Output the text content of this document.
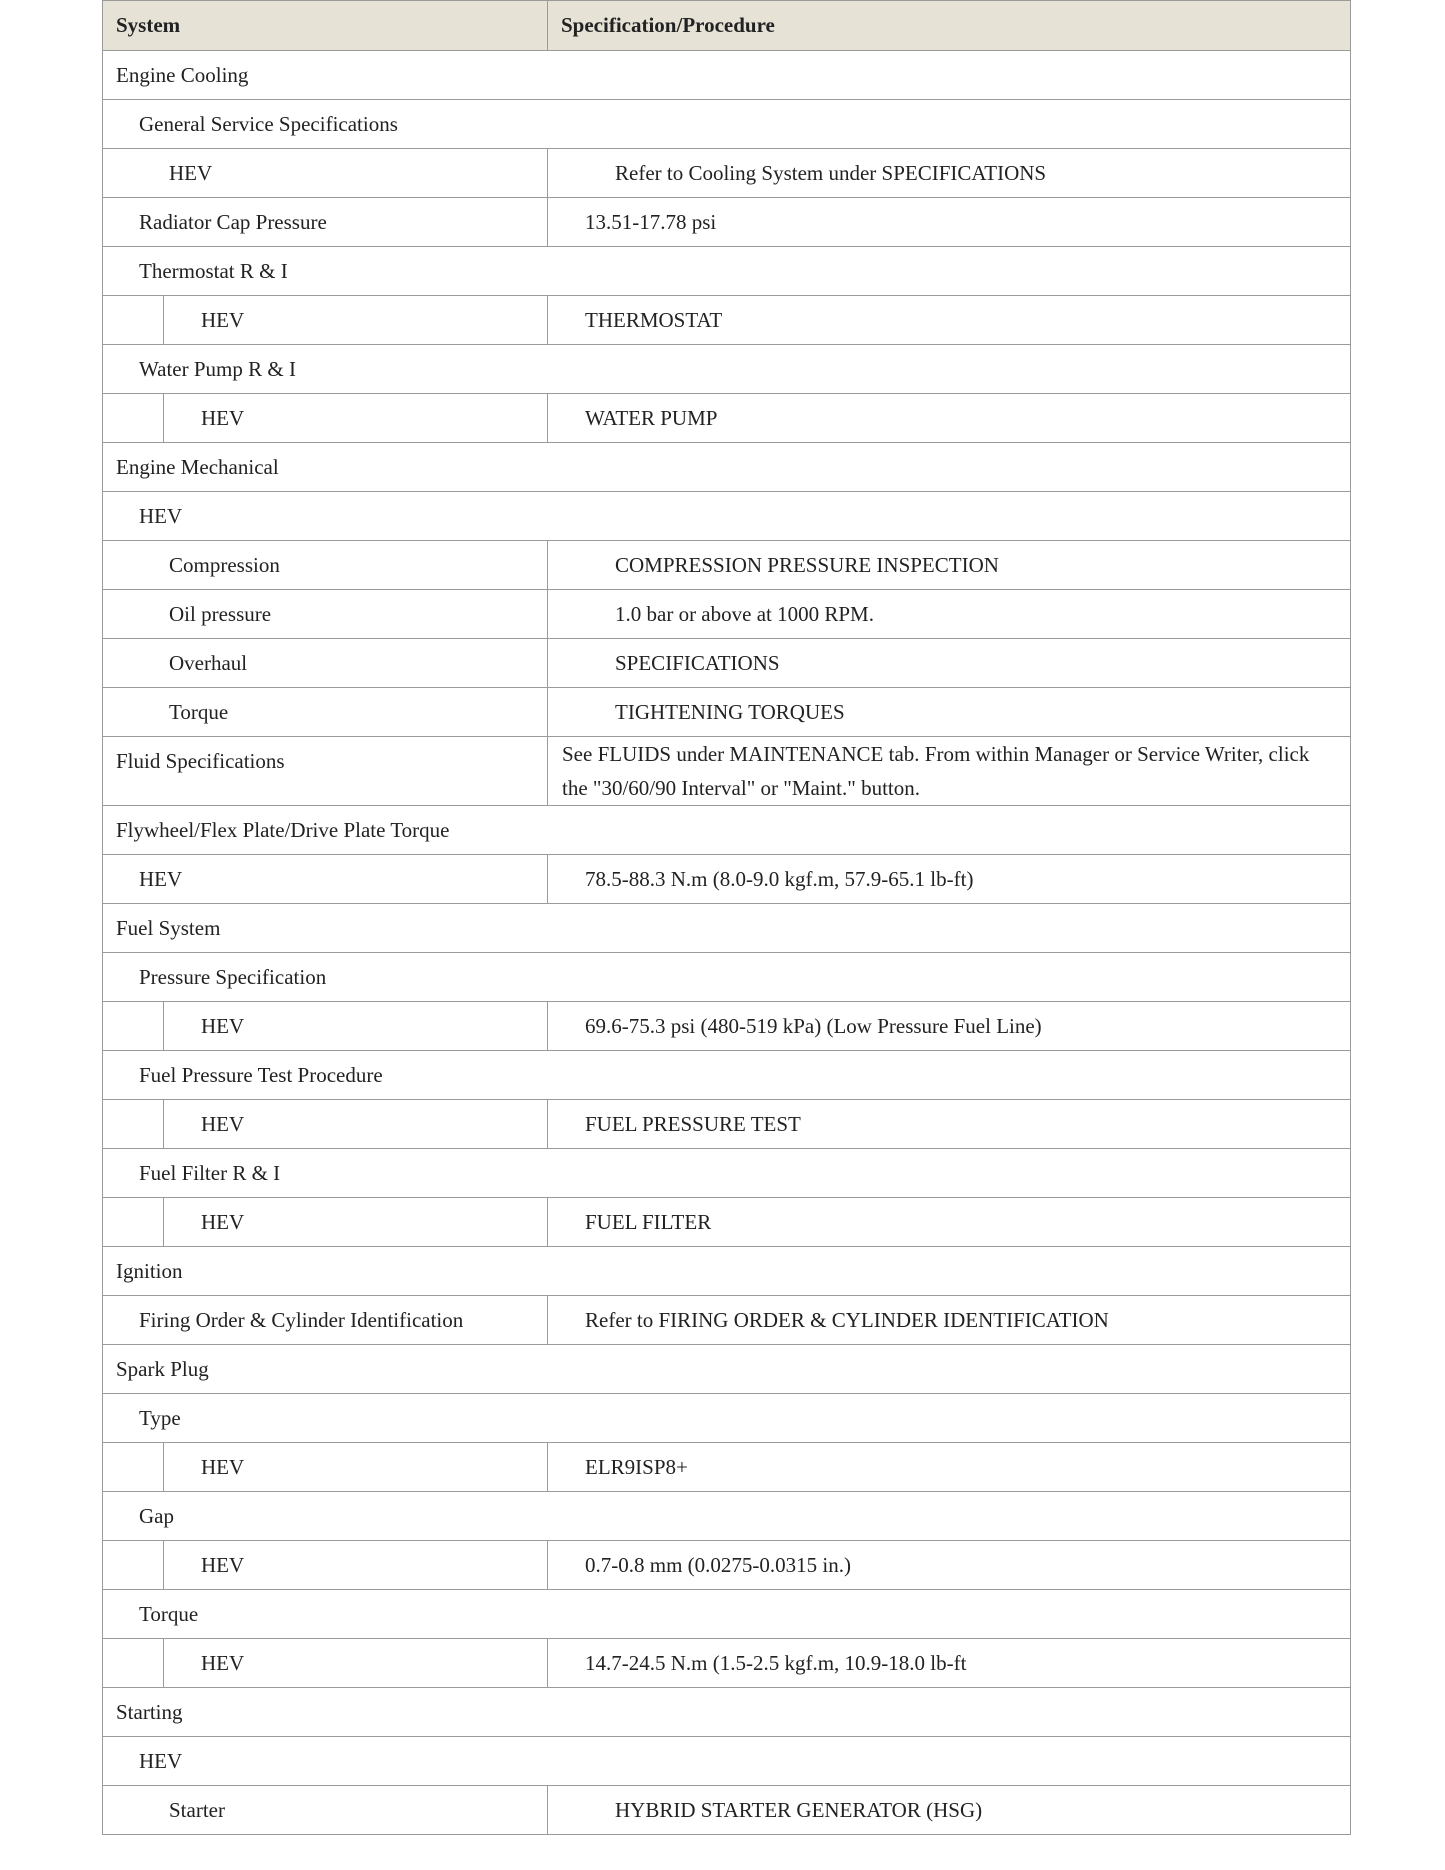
System	Specification/Procedure
Engine Cooling	
General Service Specifications	
HEV	Refer to Cooling System under SPECIFICATIONS
Radiator Cap Pressure	13.51-17.78 psi
Thermostat R & I	

HEV	THERMOSTAT
Water Pump R & I	

HEV	WATER PUMP
Engine Mechanical	
HEV	
Compression	COMPRESSION PRESSURE INSPECTION
Oil pressure	1.0 bar or above at 1000 RPM.
Overhaul	SPECIFICATIONS
Torque	TIGHTENING TORQUES
Fluid Specifications	See FLUIDS under MAINTENANCE tab. From within Manager or Service Writer, click the "30/60/90 Interval" or "Maint." button.
Flywheel/Flex Plate/Drive Plate Torque	
HEV	78.5-88.3 N.m (8.0-9.0 kgf.m, 57.9-65.1 lb-ft)
Fuel System	
Pressure Specification	

HEV	69.6-75.3 psi (480-519 kPa) (Low Pressure Fuel Line)
Fuel Pressure Test Procedure	

HEV	FUEL PRESSURE TEST
Fuel Filter R & I	

HEV	FUEL FILTER
Ignition	
Firing Order & Cylinder Identification	Refer to FIRING ORDER & CYLINDER IDENTIFICATION
Spark Plug	
Type	

HEV	ELR9ISP8+
Gap	

HEV	0.7-0.8 mm (0.0275-0.0315 in.)
Torque	

HEV	14.7-24.5 N.m (1.5-2.5 kgf.m, 10.9-18.0 lb-ft
Starting	
HEV	
Starter	HYBRID STARTER GENERATOR (HSG)
